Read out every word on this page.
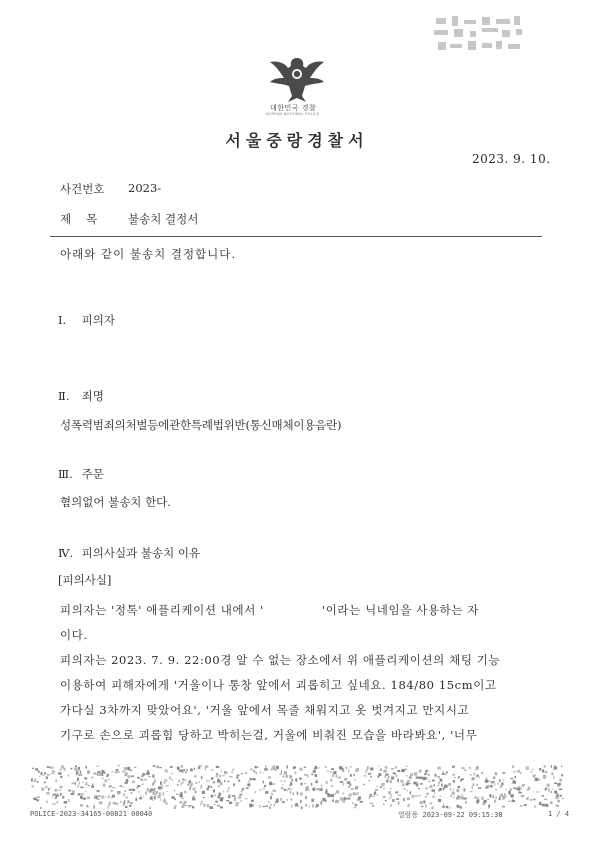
대한민국 경찰
KOREAN NATIONAL POLICE
서울중랑경찰서
2023. 9. 10.
사건번호 2023-
제목 불송치 결정서
아래와 같이 불송치 결정합니다.
Ⅰ. 피의자
Ⅱ. 죄명
성폭력범죄의처벌등에관한특례법위반(통신매체이용음란)
Ⅲ. 주문
혐의없어 불송치 한다.
Ⅳ. 피의사실과 불송치 이유
[피의사실]
피의자는 '정톡' 애플리케이션 내에서 '	'이라는 닉네임을 사용하는 자
이다.
피의자는 2023. 7. 9. 22:00경 알 수 없는 장소에서 위 애플리케이션의 채팅 기능
이용하여 피해자에게 '거울이나 통창 앞에서 괴롭히고 싶네요. 184/80 15cm이고
가다실 3차까지 맞았어요', '거울 앞에서 목줄 채워지고 옷 벗겨지고 만지시고
기구로 손으로 괴롭힘 당하고 박히는걸, 거울에 비춰진 모습을 바라봐요', '너무
POLICE-2023-34165-00821 00040	열람용 2023-09-22 09:15:30	1 / 4
